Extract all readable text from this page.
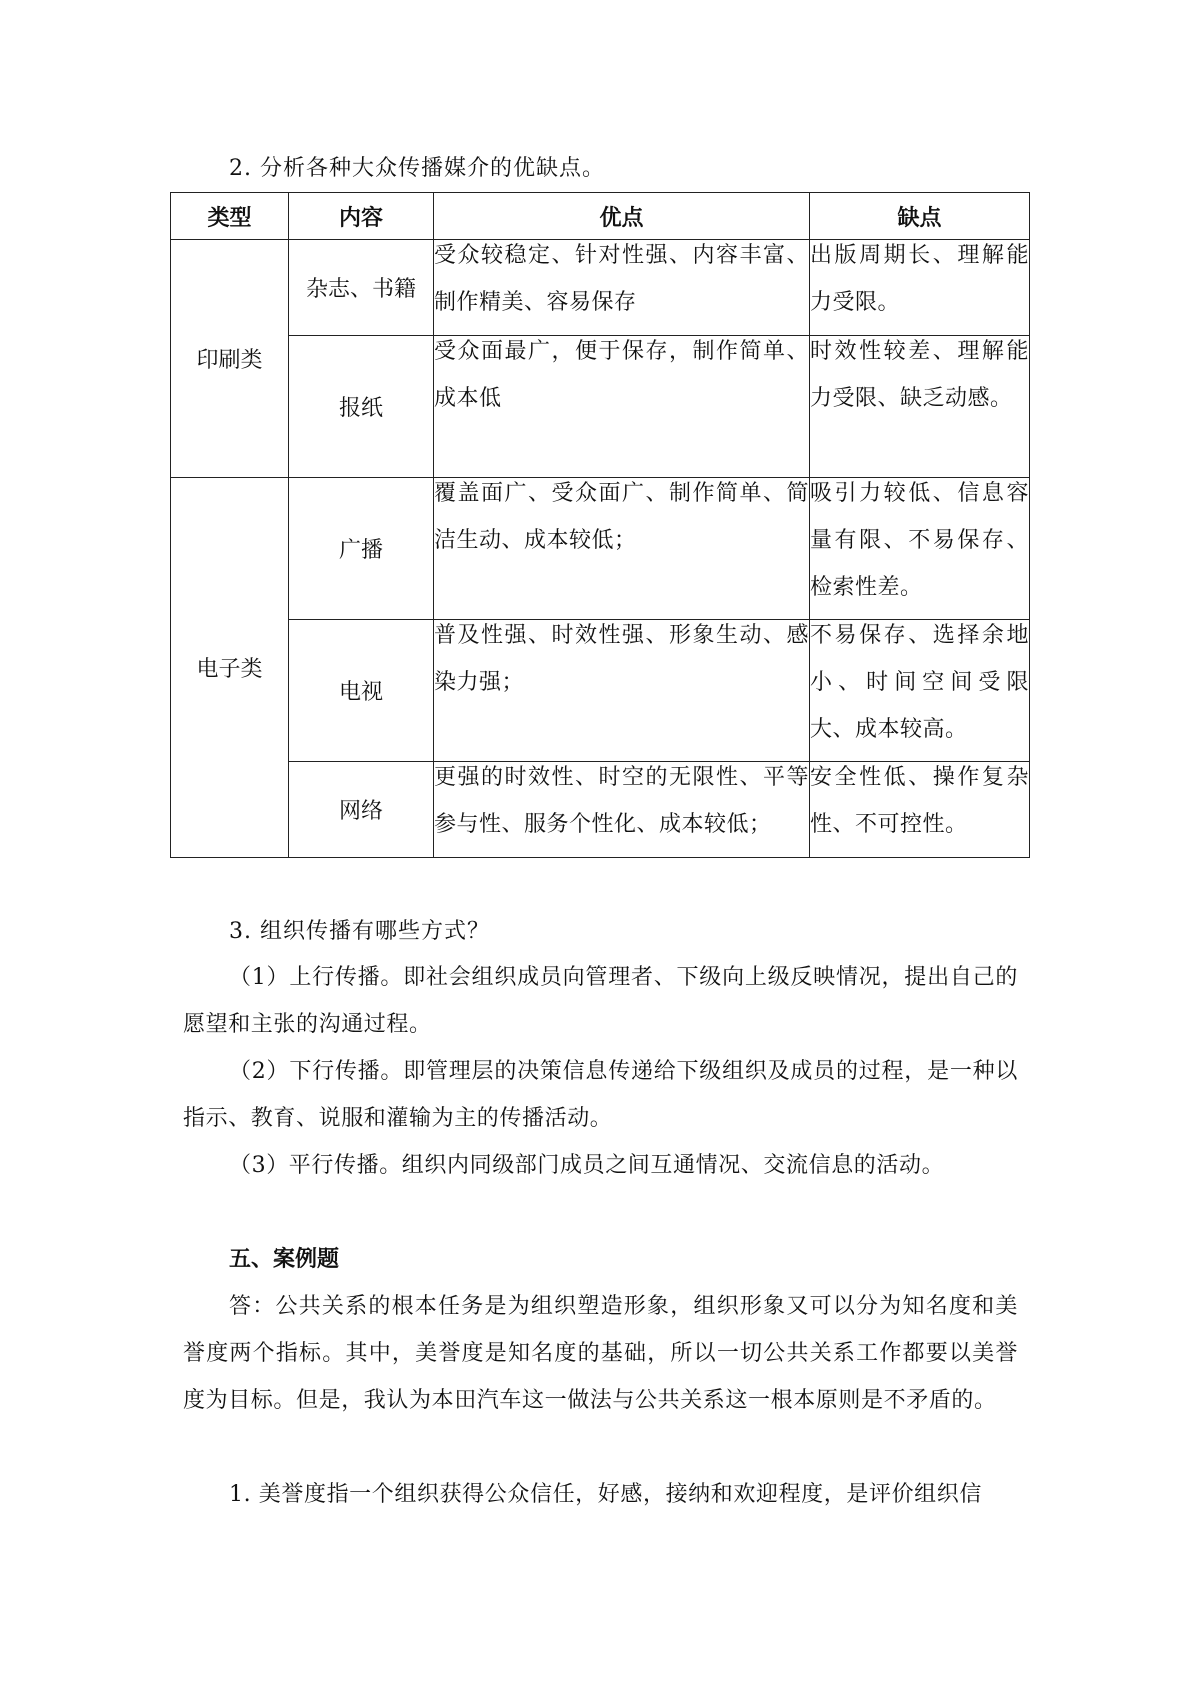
2. 分析各种大众传播媒介的优缺点。
类型	内容	优点	缺点
印刷类	杂志、书籍	受众较稳定、针对性强、内容丰富、制作精美、容易保存	出版周期长、理解能力受限。

	报纸	受众面最广，便于保存，制作简单、成本低	时效性较差、理解能力受限、缺乏动感。

电子类	广播	覆盖面广、受众面广、制作简单、简洁生动、成本较低；	吸引力较低、信息容量有限、不易保存、检索性差。

	电视	普及性强、时效性强、形象生动、感染力强；	不易保存、选择余地小、时间空间受限大、成本较高。

	网络	更强的时效性、时空的无限性、平等参与性、服务个性化、成本较低；	安全性低、操作复杂性、不可控性。
3. 组织传播有哪些方式？
（1）上行传播。即社会组织成员向管理者、下级向上级反映情况，提出自己的愿望和主张的沟通过程。
（2）下行传播。即管理层的决策信息传递给下级组织及成员的过程，是一种以指示、教育、说服和灌输为主的传播活动。
（3）平行传播。组织内同级部门成员之间互通情况、交流信息的活动。
五、案例题
答：公共关系的根本任务是为组织塑造形象，组织形象又可以分为知名度和美誉度两个指标。其中，美誉度是知名度的基础，所以一切公共关系工作都要以美誉度为目标。但是，我认为本田汽车这一做法与公共关系这一根本原则是不矛盾的。
1. 美誉度指一个组织获得公众信任，好感，接纳和欢迎程度，是评价组织信
